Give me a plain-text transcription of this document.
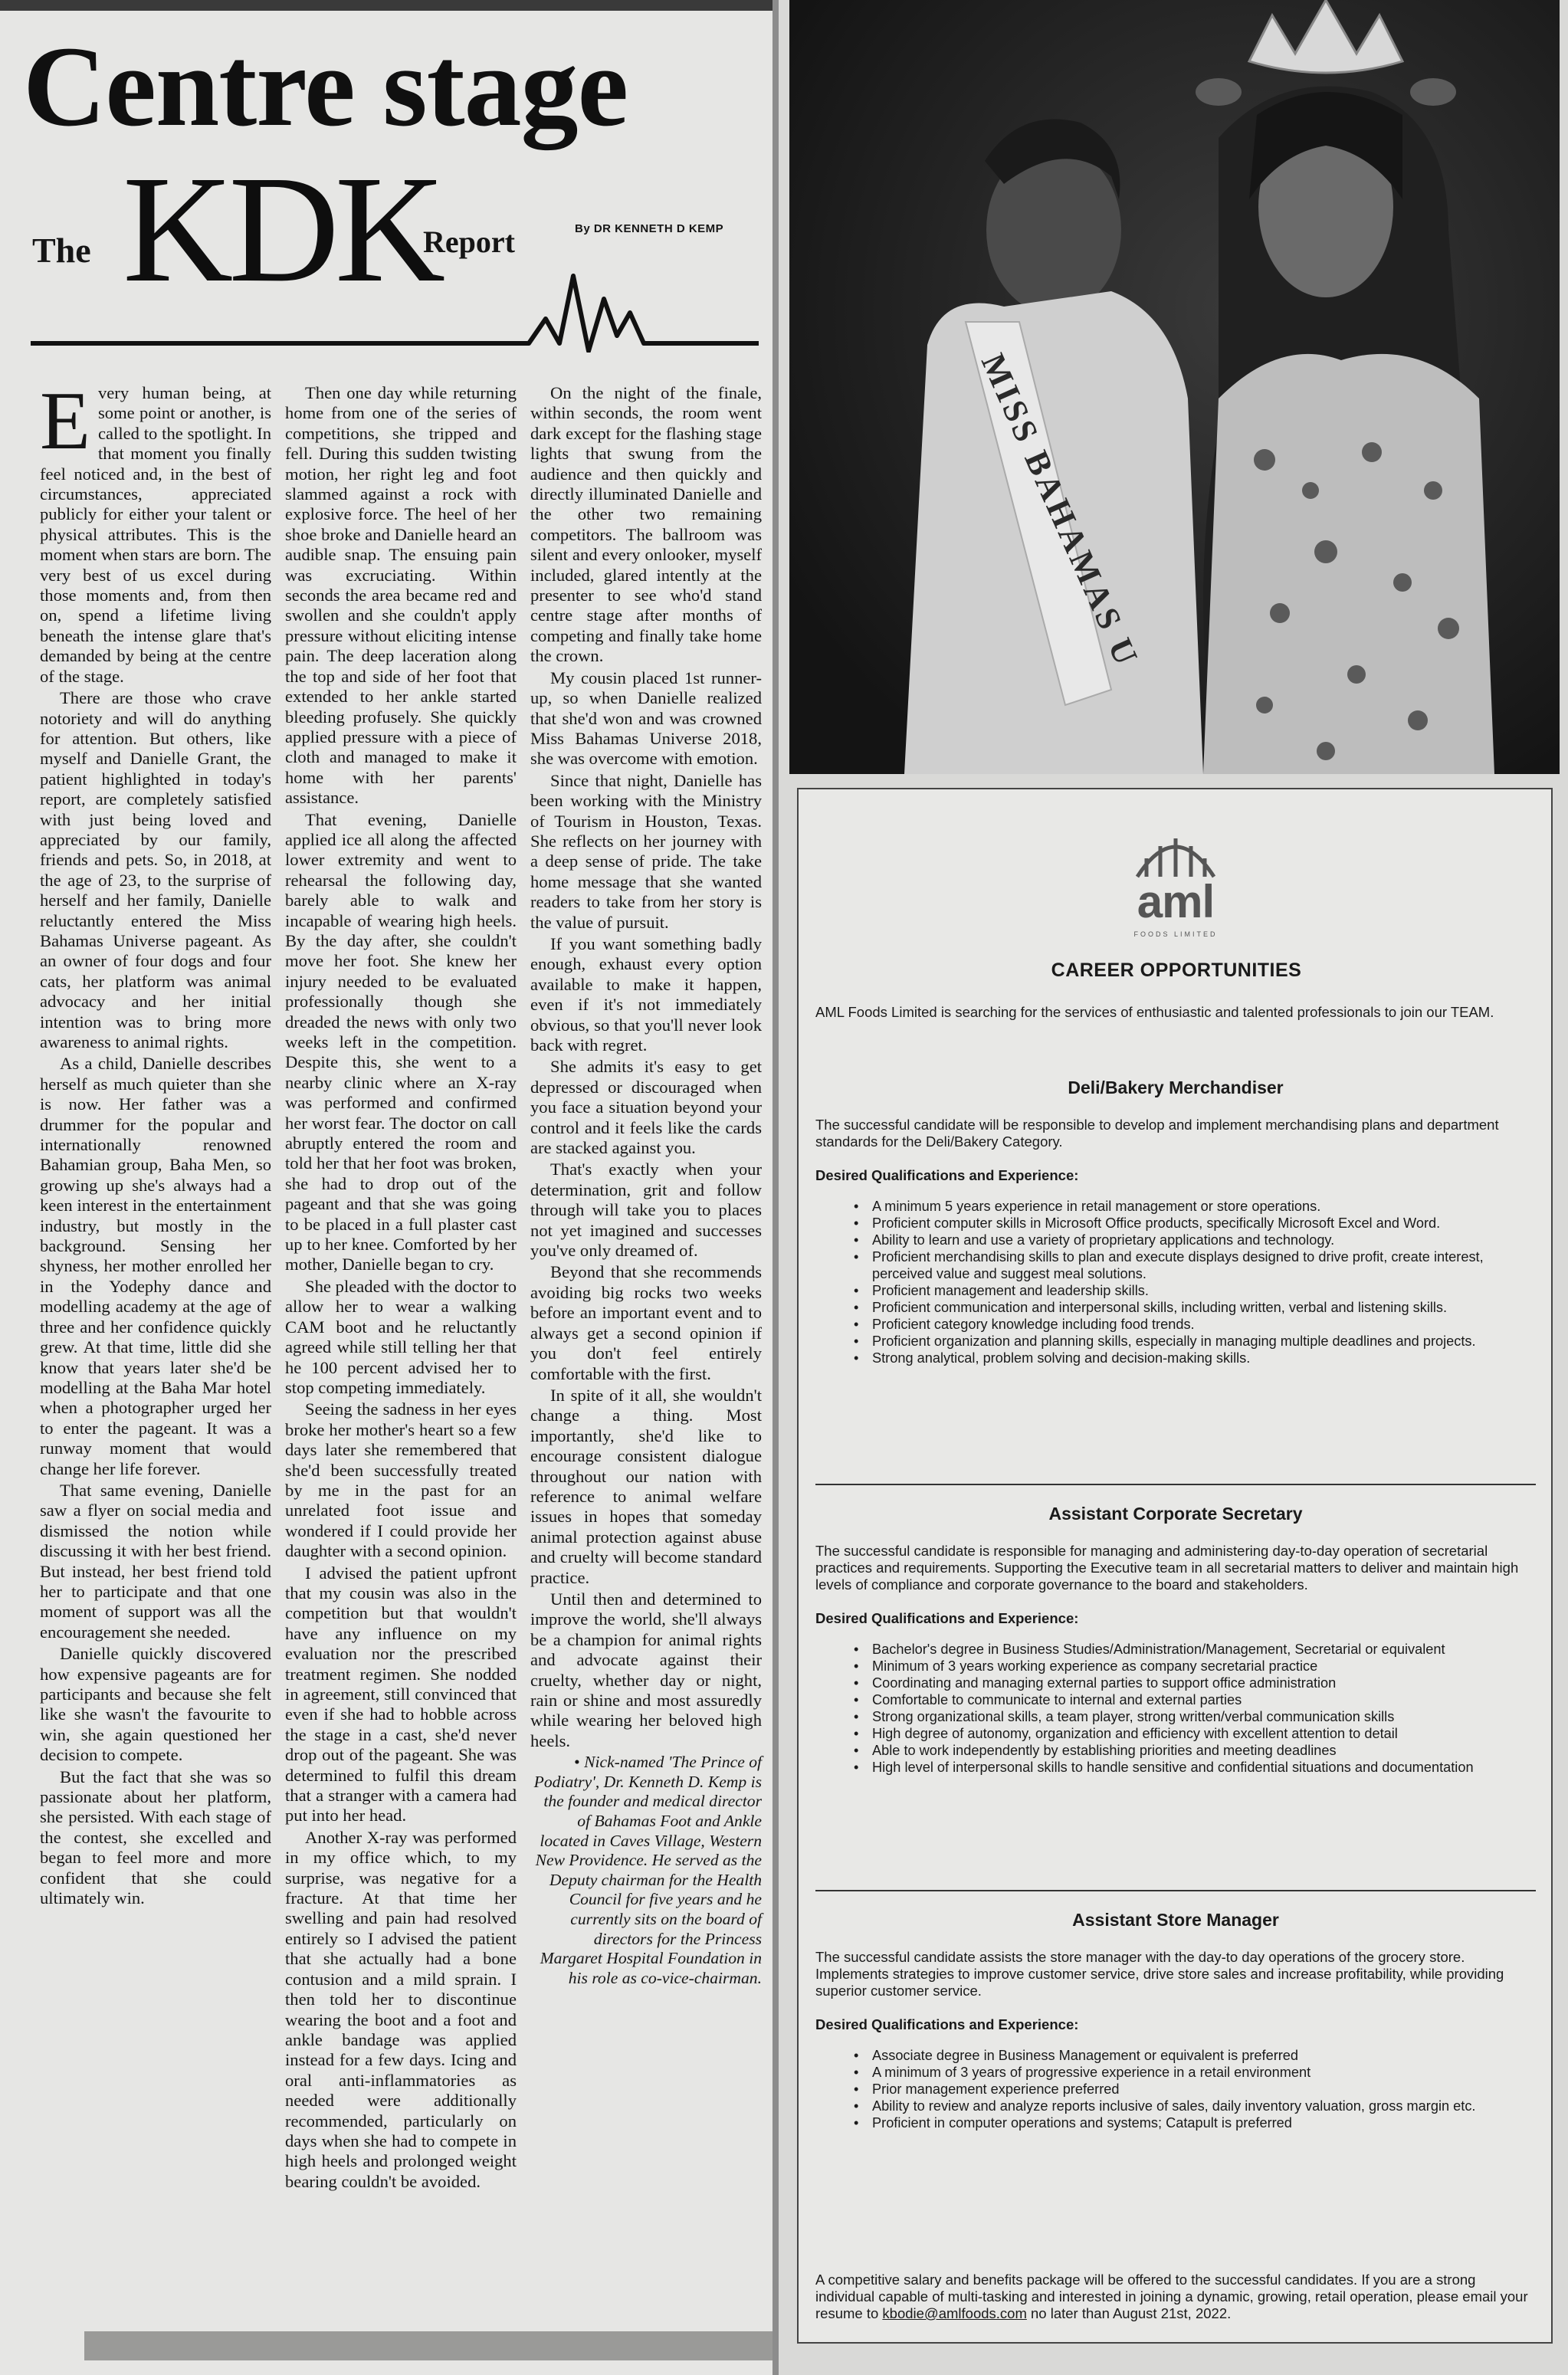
Centre stage
The KDK
Report	By DR KENNETH D KEMP

Every human being, at some point or another, is called to the spotlight. In that moment you finally feel noticed and, in the best of circumstances, appreciated publicly for either your talent or physical attributes. This is the moment when stars are born. The very best of us excel during those moments and, from then on, spend a lifetime living beneath the intense glare that's demanded by being at the centre of the stage.

There are those who crave notoriety and will do anything for attention. But others, like myself and Danielle Grant, the patient highlighted in today's report, are completely satisfied with just being loved and appreciated by our family, friends and pets. So, in 2018, at the age of 23, to the surprise of herself and her family, Danielle reluctantly entered the Miss Bahamas Universe pageant. As an owner of four dogs and four cats, her platform was animal advocacy and her initial intention was to bring more awareness to animal rights.

As a child, Danielle describes herself as much quieter than she is now. Her father was a drummer for the popular and internationally renowned Bahamian group, Baha Men, so growing up she's always had a keen interest in the entertainment industry, but mostly in the background. Sensing her shyness, her mother enrolled her in the Yodephy dance and modelling academy at the age of three and her confidence quickly grew. At that time, little did she know that years later she'd be modelling at the Baha Mar hotel when a photographer urged her to enter the pageant. It was a runway moment that would change her life forever.

That same evening, Danielle saw a flyer on social media and dismissed the notion while discussing it with her best friend. But instead, her best friend told her to participate and that one moment of support was all the encouragement she needed.

Danielle quickly discovered how expensive pageants are for participants and because she felt like she wasn't the favourite to win, she again questioned her decision to compete.

But the fact that she was so passionate about her platform, she persisted. With each stage of the contest, she excelled and began to feel more and more confident that she could ultimately win.

Then one day while returning home from one of the series of competitions, she tripped and fell. During this sudden twisting motion, her right leg and foot slammed against a rock with explosive force. The heel of her shoe broke and Danielle heard an audible snap. The ensuing pain was excruciating. Within seconds the area became red and swollen and she couldn't apply pressure without eliciting intense pain. The deep laceration along the top and side of her foot that extended to her ankle started bleeding profusely. She quickly applied pressure with a piece of cloth and managed to make it home with her parents' assistance.

That evening, Danielle applied ice all along the affected lower extremity and went to rehearsal the following day, barely able to walk and incapable of wearing high heels. By the day after, she couldn't move her foot. She knew her injury needed to be evaluated professionally though she dreaded the news with only two weeks left in the competition. Despite this, she went to a nearby clinic where an X-ray was performed and confirmed her worst fear. The doctor on call abruptly entered the room and told her that her foot was broken, she had to drop out of the pageant and that she was going to be placed in a full plaster cast up to her knee. Comforted by her mother, Danielle began to cry.

She pleaded with the doctor to allow her to wear a walking CAM boot and he reluctantly agreed while still telling her that he 100 percent advised her to stop competing immediately.

Seeing the sadness in her eyes broke her mother's heart so a few days later she remembered that she'd been successfully treated by me in the past for an unrelated foot issue and wondered if I could provide her daughter with a second opinion.

I advised the patient upfront that my cousin was also in the competition but that wouldn't have any influence on my evaluation nor the prescribed treatment regimen. She nodded in agreement, still convinced that even if she had to hobble across the stage in a cast, she'd never drop out of the pageant. She was determined to fulfil this dream that a stranger with a camera had put into her head.

Another X-ray was performed in my office which, to my surprise, was negative for a fracture. At that time her swelling and pain had resolved entirely so I advised the patient that she actually had a bone contusion and a mild sprain. I then told her to discontinue wearing the boot and a foot and ankle bandage was applied instead for a few days. Icing and oral anti-inflammatories as needed were additionally recommended, particularly on days when she had to compete in high heels and prolonged weight bearing couldn't be avoided.

On the night of the finale, within seconds, the room went dark except for the flashing stage lights that swung from the audience and then quickly and directly illuminated Danielle and the other two remaining competitors. The ballroom was silent and every onlooker, myself included, glared intently at the presenter to see who'd stand centre stage after months of competing and finally take home the crown.

My cousin placed 1st runner-up, so when Danielle realized that she'd won and was crowned Miss Bahamas Universe 2018, she was overcome with emotion.

Since that night, Danielle has been working with the Ministry of Tourism in Houston, Texas. She reflects on her journey with a deep sense of pride. The take home message that she wanted readers to take from her story is the value of pursuit.

If you want something badly enough, exhaust every option available to make it happen, even if it's not immediately obvious, so that you'll never look back with regret.

She admits it's easy to get depressed or discouraged when you face a situation beyond your control and it feels like the cards are stacked against you.

That's exactly when your determination, grit and follow through will take you to places not yet imagined and successes you've only dreamed of.

Beyond that she recommends avoiding big rocks two weeks before an important event and to always get a second opinion if you don't feel entirely comfortable with the first.

In spite of it all, she wouldn't change a thing. Most importantly, she'd like to encourage consistent dialogue throughout our nation with reference to animal welfare issues in hopes that someday animal protection against abuse and cruelty will become standard practice.

Until then and determined to improve the world, she'll always be a champion for animal rights and advocate against their cruelty, whether day or night, rain or shine and most assuredly while wearing her beloved high heels.

• Nick-named 'The Prince of Podiatry', Dr. Kenneth D. Kemp is the founder and medical director of Bahamas Foot and Ankle located in Caves Village, Western New Providence. He served as the Deputy chairman for the Health Council for five years and he currently sits on the board of directors for the Princess Margaret Hospital Foundation in his role as co-vice-chairman.

MISS BAHAMAS U
aml
FOODS LIMITED
CAREER OPPORTUNITIES
AML Foods Limited is searching for the services of enthusiastic and talented professionals to join our TEAM.
Deli/Bakery Merchandiser
The successful candidate will be responsible to develop and implement merchandising plans and department standards for the Deli/Bakery Category.
Desired Qualifications and Experience:
• A minimum 5 years experience in retail management or store operations.
• Proficient computer skills in Microsoft Office products, specifically Microsoft Excel and Word.
• Ability to learn and use a variety of proprietary applications and technology.
• Proficient merchandising skills to plan and execute displays designed to drive profit, create interest, perceived value and suggest meal solutions.
• Proficient management and leadership skills.
• Proficient communication and interpersonal skills, including written, verbal and listening skills.
• Proficient category knowledge including food trends.
• Proficient organization and planning skills, especially in managing multiple deadlines and projects.
• Strong analytical, problem solving and decision-making skills.
Assistant Corporate Secretary
The successful candidate is responsible for managing and administering day-to-day operation of secretarial practices and requirements. Supporting the Executive team in all secretarial matters to deliver and maintain high levels of compliance and corporate governance to the board and stakeholders.
Desired Qualifications and Experience:
• Bachelor's degree in Business Studies/Administration/Management, Secretarial or equivalent
• Minimum of 3 years working experience as company secretarial practice
• Coordinating and managing external parties to support office administration
• Comfortable to communicate to internal and external parties
• Strong organizational skills, a team player, strong written/verbal communication skills
• High degree of autonomy, organization and efficiency with excellent attention to detail
• Able to work independently by establishing priorities and meeting deadlines
• High level of interpersonal skills to handle sensitive and confidential situations and documentation
Assistant Store Manager
The successful candidate assists the store manager with the day-to day operations of the grocery store. Implements strategies to improve customer service, drive store sales and increase profitability, while providing superior customer service.
Desired Qualifications and Experience:
• Associate degree in Business Management or equivalent is preferred
• A minimum of 3 years of progressive experience in a retail environment
• Prior management experience preferred
• Ability to review and analyze reports inclusive of sales, daily inventory valuation, gross margin etc.
• Proficient in computer operations and systems; Catapult is preferred
A competitive salary and benefits package will be offered to the successful candidates. If you are a strong individual capable of multi-tasking and interested in joining a dynamic, growing, retail operation, please email your resume to kbodie@amlfoods.com no later than August 21st, 2022.
